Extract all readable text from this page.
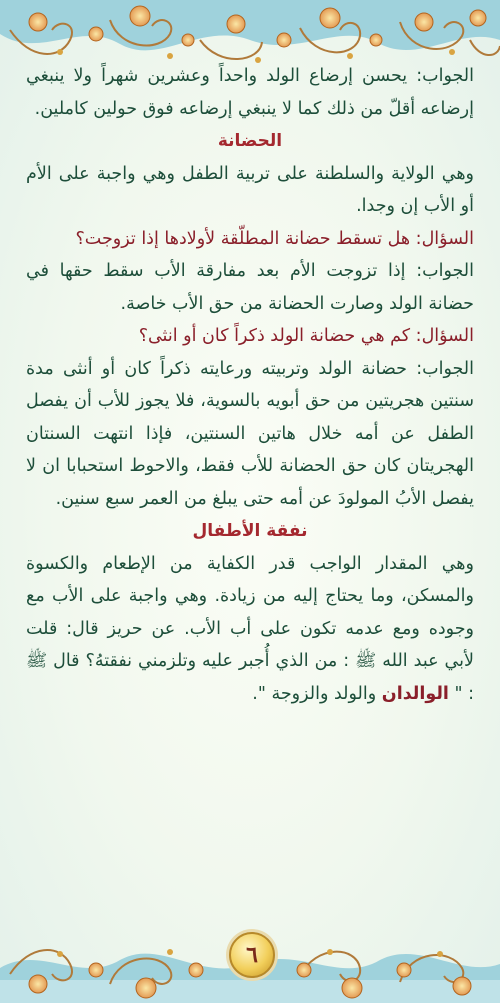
الجواب: يحسن إرضاع الولد واحداً وعشرين شهراً ولا ينبغي إرضاعه أقلّ من ذلك كما لا ينبغي إرضاعه فوق حولين كاملين.

الحضانة

وهي الولاية والسلطنة على تربية الطفل وهي واجبة على الأم أو الأب إن وجدا.

السؤال: هل تسقط حضانة المطلّقة لأولادها إذا تزوجت؟

الجواب: إذا تزوجت الأم بعد مفارقة الأب سقط حقها في حضانة الولد وصارت الحضانة من حق الأب خاصة.

السؤال: كم هي حضانة الولد ذكراً كان أو انثى؟

الجواب: حضانة الولد وتربيته ورعايته ذكراً كان أو أنثى مدة سنتين هجريتين من حق أبويه بالسوية، فلا يجوز للأب أن يفصل الطفل عن أمه خلال هاتين السنتين، فإذا انتهت السنتان الهجريتان كان حق الحضانة للأب فقط، والاحوط استحبابا ان لا يفصل الأبُ المولودَ عن أمه حتى يبلغ من العمر سبع سنين.

نفقة الأطفال

وهي المقدار الواجب قدر الكفاية من الإطعام والكسوة والمسكن، وما يحتاج إليه من زيادة. وهي واجبة على الأب مع وجوده ومع عدمه تكون على أب الأب. عن حريز قال: قلت لأبي عبد الله ﷺ : من الذي أُجبر عليه وتلزمني نفقتهُ؟ قال ﷺ : " الوالدان والولد والزوجة ".

٦
